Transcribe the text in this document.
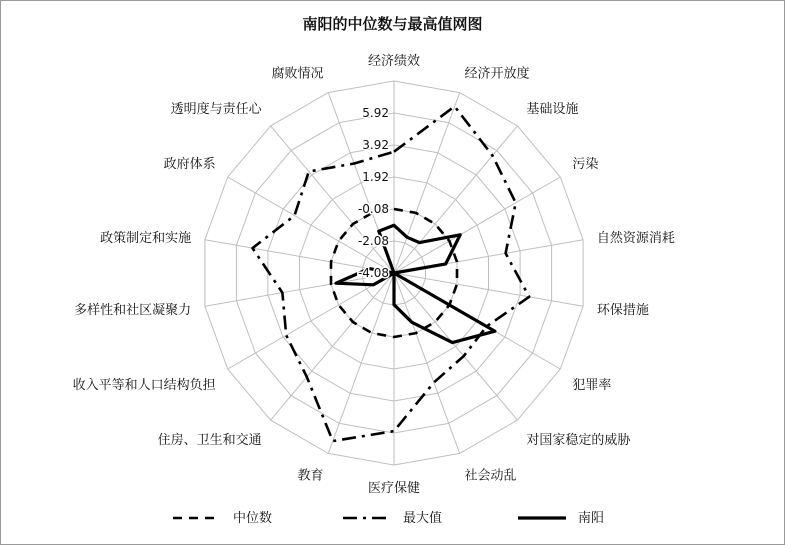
南阳的中位数与最高值网图
5.92
3.92
1.92
-0.08
-2.08
-4.08
经济绩效
经济开放度
基础设施
污染
自然资源消耗
环保措施
犯罪率
对国家稳定的威胁
社会动乱
医疗保健
教育
住房、卫生和交通
收入平等和人口结构负担
多样性和社区凝聚力
政策制定和实施
政府体系
透明度与责任心
腐败情况
中位数	最大值	南阳
